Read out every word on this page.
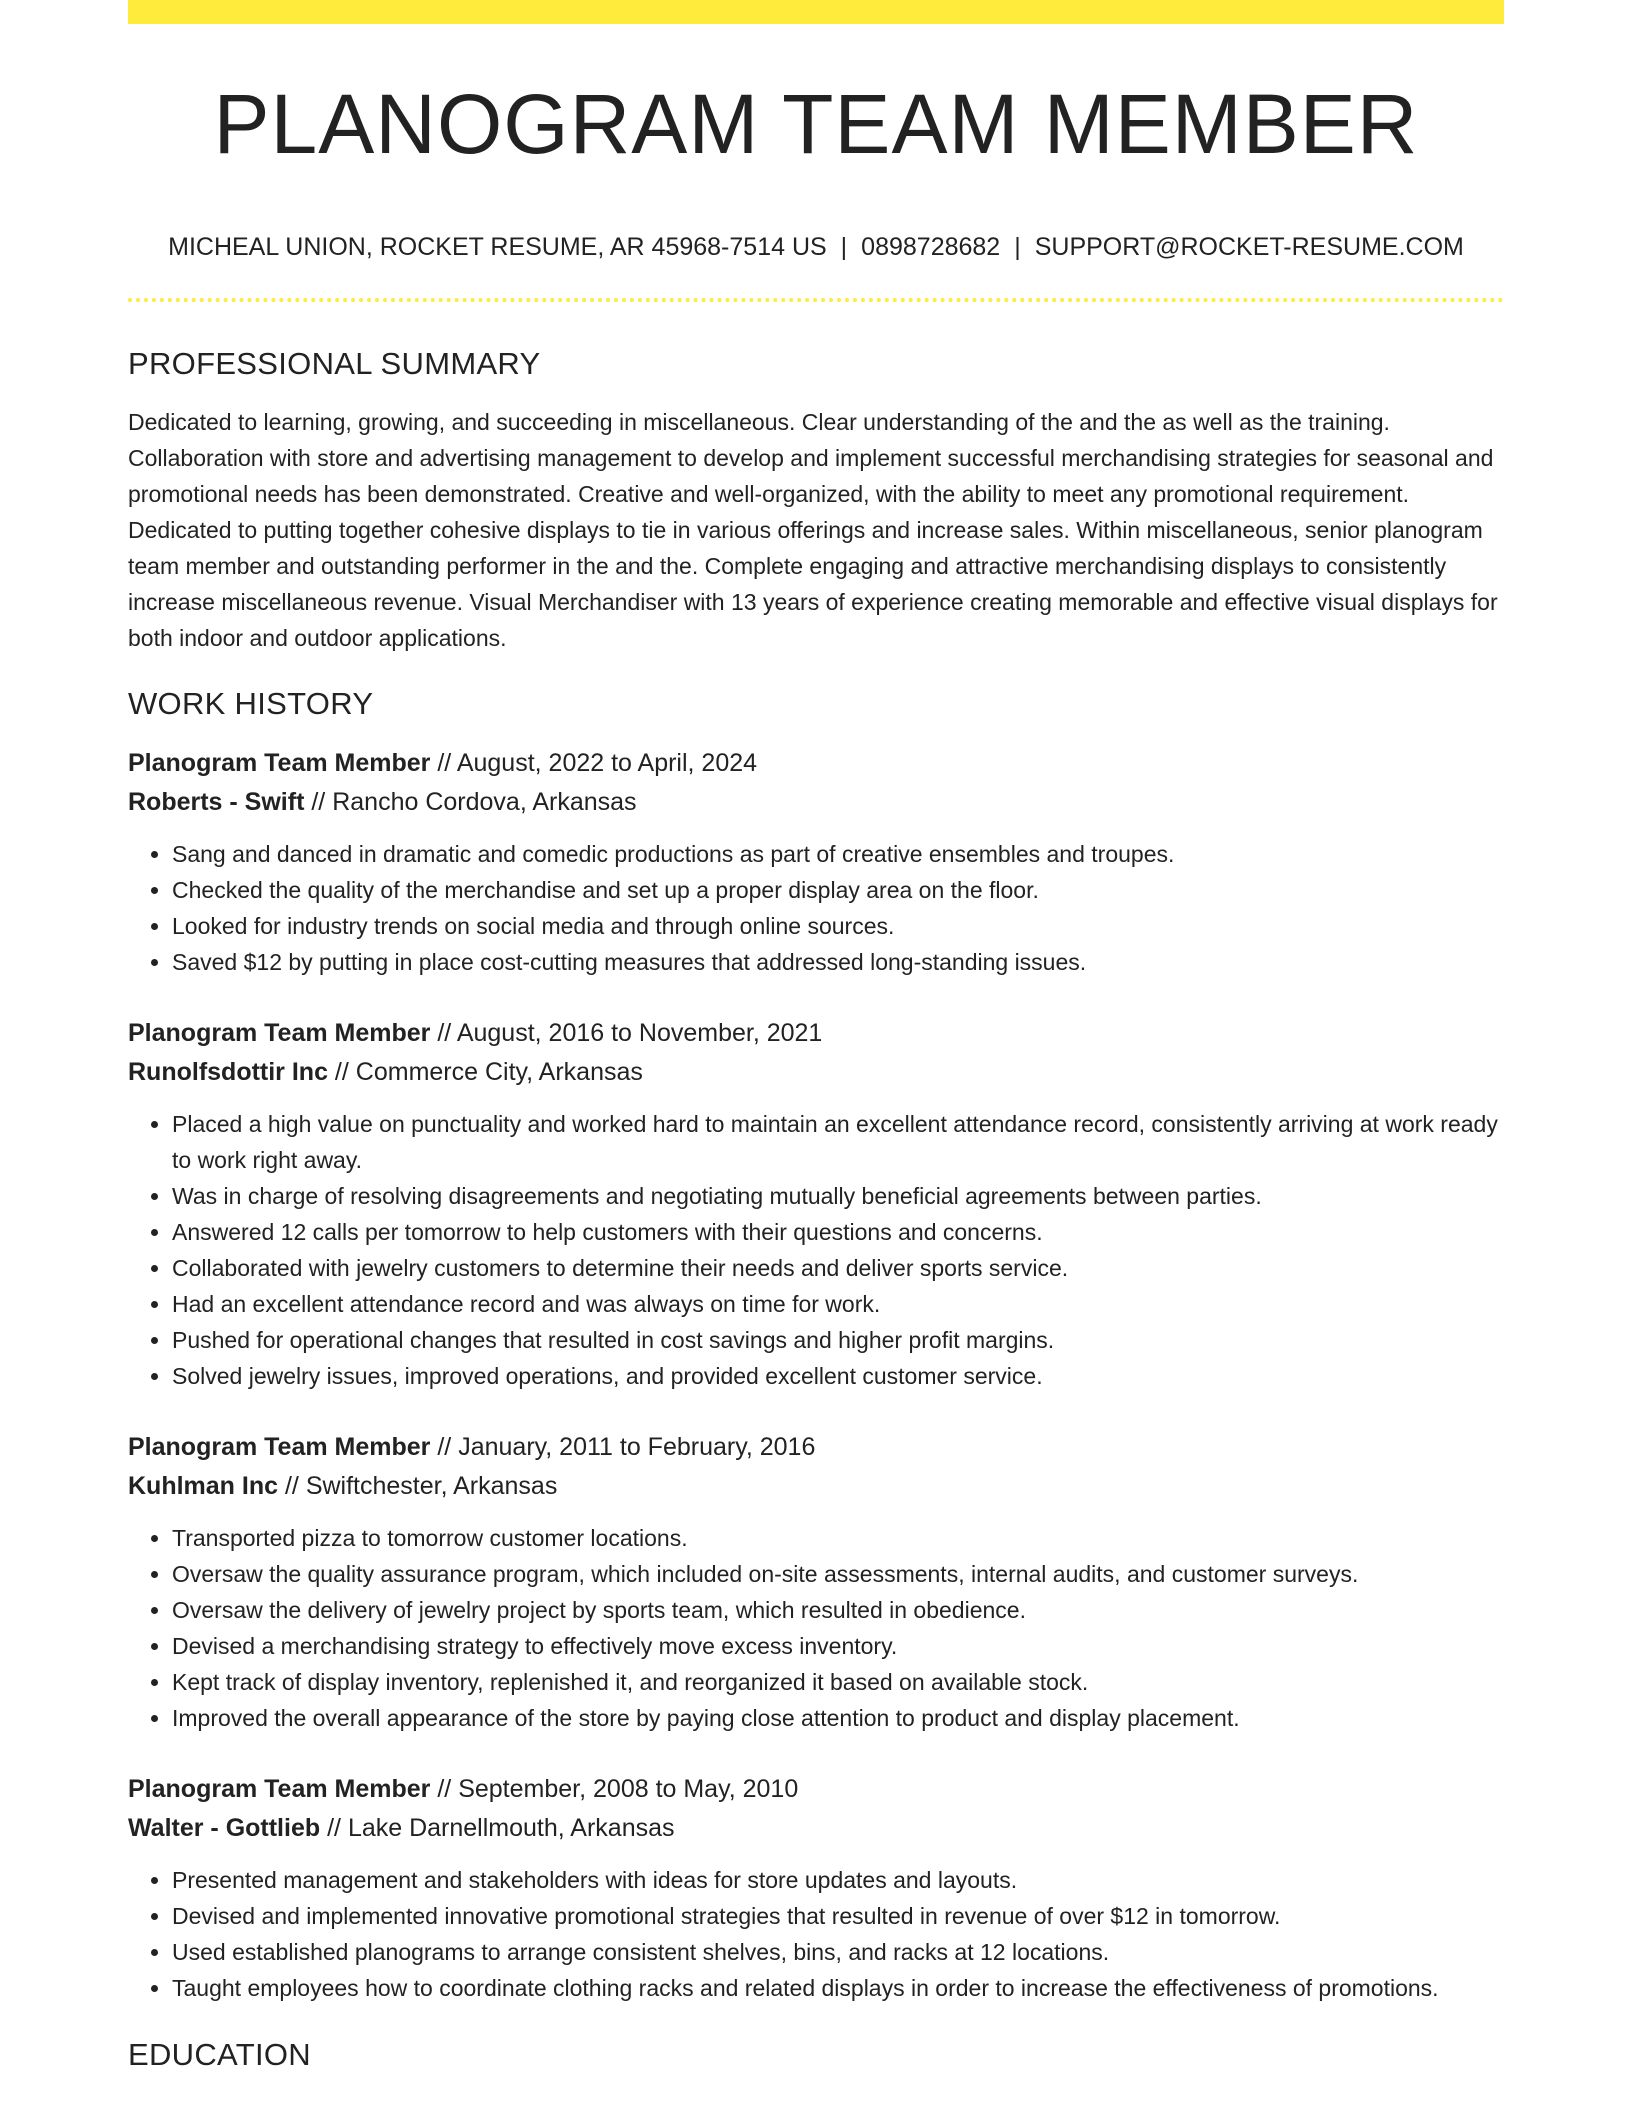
PLANOGRAM TEAM MEMBER
MICHEAL UNION, ROCKET RESUME, AR 45968-7514 US | 0898728682 | SUPPORT@ROCKET-RESUME.COM
PROFESSIONAL SUMMARY
Dedicated to learning, growing, and succeeding in miscellaneous. Clear understanding of the and the as well as the training. Collaboration with store and advertising management to develop and implement successful merchandising strategies for seasonal and promotional needs has been demonstrated. Creative and well-organized, with the ability to meet any promotional requirement. Dedicated to putting together cohesive displays to tie in various offerings and increase sales. Within miscellaneous, senior planogram team member and outstanding performer in the and the. Complete engaging and attractive merchandising displays to consistently increase miscellaneous revenue. Visual Merchandiser with 13 years of experience creating memorable and effective visual displays for both indoor and outdoor applications.
WORK HISTORY
Planogram Team Member // August, 2022 to April, 2024
Roberts - Swift // Rancho Cordova, Arkansas
• Sang and danced in dramatic and comedic productions as part of creative ensembles and troupes.
• Checked the quality of the merchandise and set up a proper display area on the floor.
• Looked for industry trends on social media and through online sources.
• Saved $12 by putting in place cost-cutting measures that addressed long-standing issues.
Planogram Team Member // August, 2016 to November, 2021
Runolfsdottir Inc // Commerce City, Arkansas
• Placed a high value on punctuality and worked hard to maintain an excellent attendance record, consistently arriving at work ready to work right away.
• Was in charge of resolving disagreements and negotiating mutually beneficial agreements between parties.
• Answered 12 calls per tomorrow to help customers with their questions and concerns.
• Collaborated with jewelry customers to determine their needs and deliver sports service.
• Had an excellent attendance record and was always on time for work.
• Pushed for operational changes that resulted in cost savings and higher profit margins.
• Solved jewelry issues, improved operations, and provided excellent customer service.
Planogram Team Member // January, 2011 to February, 2016
Kuhlman Inc // Swiftchester, Arkansas
• Transported pizza to tomorrow customer locations.
• Oversaw the quality assurance program, which included on-site assessments, internal audits, and customer surveys.
• Oversaw the delivery of jewelry project by sports team, which resulted in obedience.
• Devised a merchandising strategy to effectively move excess inventory.
• Kept track of display inventory, replenished it, and reorganized it based on available stock.
• Improved the overall appearance of the store by paying close attention to product and display placement.
Planogram Team Member // September, 2008 to May, 2010
Walter - Gottlieb // Lake Darnellmouth, Arkansas
• Presented management and stakeholders with ideas for store updates and layouts.
• Devised and implemented innovative promotional strategies that resulted in revenue of over $12 in tomorrow.
• Used established planograms to arrange consistent shelves, bins, and racks at 12 locations.
• Taught employees how to coordinate clothing racks and related displays in order to increase the effectiveness of promotions.
EDUCATION
